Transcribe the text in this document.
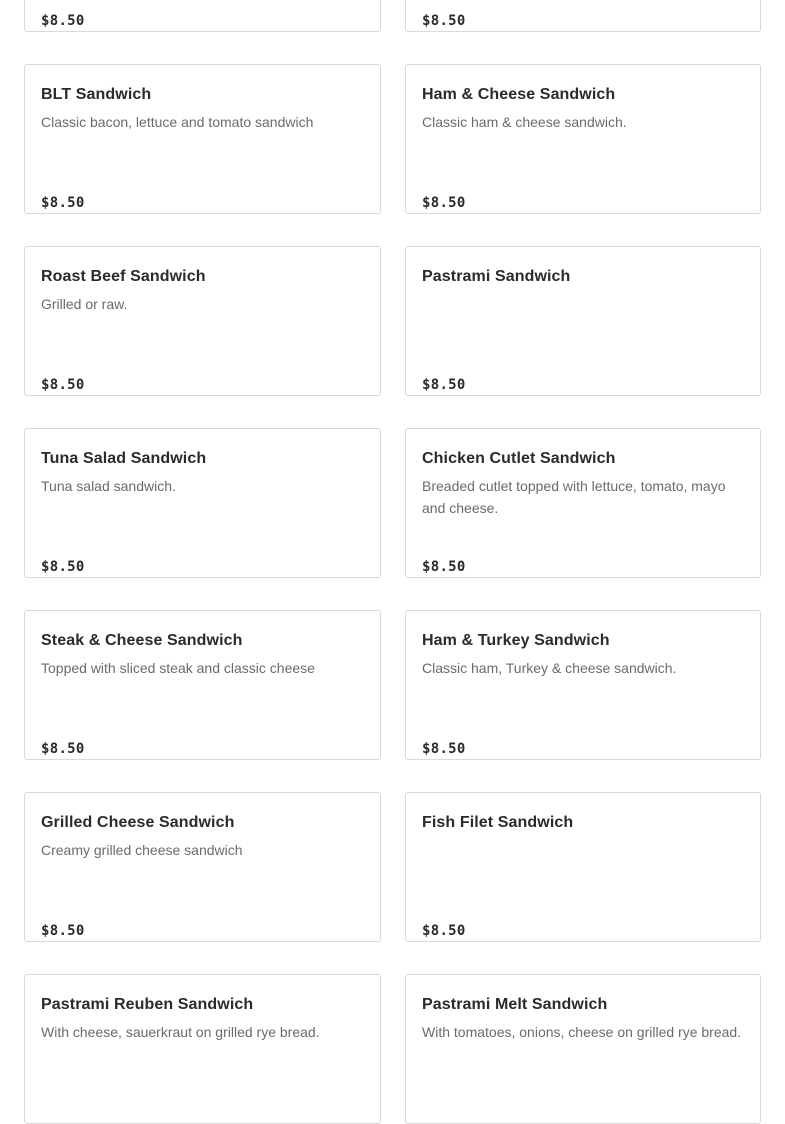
$8.50	$8.50
BLT Sandwich

Classic bacon, lettuce and tomato sandwich

$8.50
Ham & Cheese Sandwich

Classic ham & cheese sandwich.

$8.50
Roast Beef Sandwich

Grilled or raw.

$8.50
Pastrami Sandwich

$8.50
Tuna Salad Sandwich

Tuna salad sandwich.

$8.50
Chicken Cutlet Sandwich

Breaded cutlet topped with lettuce, tomato, mayo and cheese.

$8.50
Steak & Cheese Sandwich

Topped with sliced steak and classic cheese

$8.50
Ham & Turkey Sandwich

Classic ham, Turkey & cheese sandwich.

$8.50
Grilled Cheese Sandwich

Creamy grilled cheese sandwich

$8.50
Fish Filet Sandwich

$8.50
Pastrami Reuben Sandwich

With cheese, sauerkraut on grilled rye bread.

Pastrami Melt Sandwich

With tomatoes, onions, cheese on grilled rye bread.
